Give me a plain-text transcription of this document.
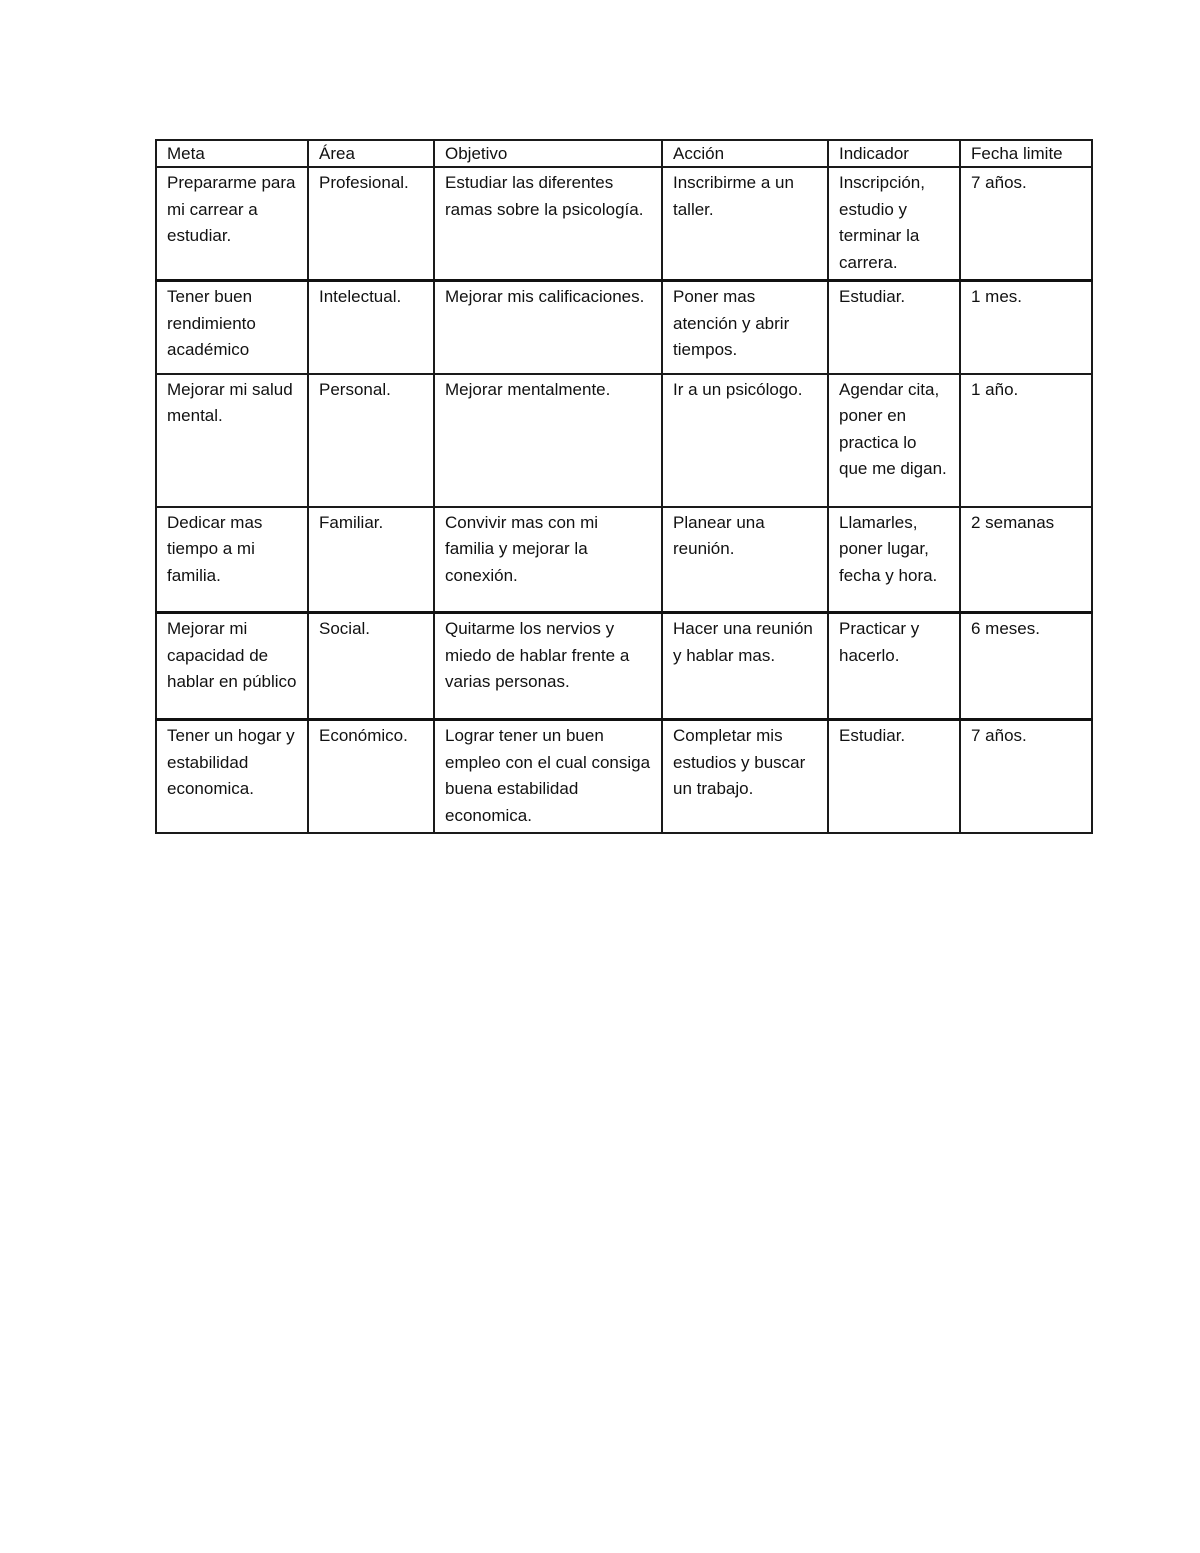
Meta	Área	Objetivo	Acción	Indicador	Fecha limite
Prepararme para mi carrear a estudiar.	Profesional.	Estudiar las diferentes ramas sobre la psicología.	Inscribirme a un taller.	Inscripción, estudio y terminar la carrera.	7 años.
Tener buen rendimiento académico	Intelectual.	Mejorar mis calificaciones.	Poner mas atención y abrir tiempos.	Estudiar.	1 mes.
Mejorar mi salud mental.	Personal.	Mejorar mentalmente.	Ir a un psicólogo.	Agendar cita, poner en practica lo que me digan.	1 año.
Dedicar mas tiempo a mi familia.	Familiar.	Convivir mas con mi familia y mejorar la conexión.	Planear una reunión.	Llamarles, poner lugar, fecha y hora.	2 semanas
Mejorar mi capacidad de hablar en público	Social.	Quitarme los nervios y miedo de hablar frente a varias personas.	Hacer una reunión y hablar mas.	Practicar y hacerlo.	6 meses.
Tener un hogar y estabilidad economica.	Económico.	Lograr tener un buen empleo con el cual consiga buena estabilidad economica.	Completar mis estudios y buscar un trabajo.	Estudiar.	7 años.
